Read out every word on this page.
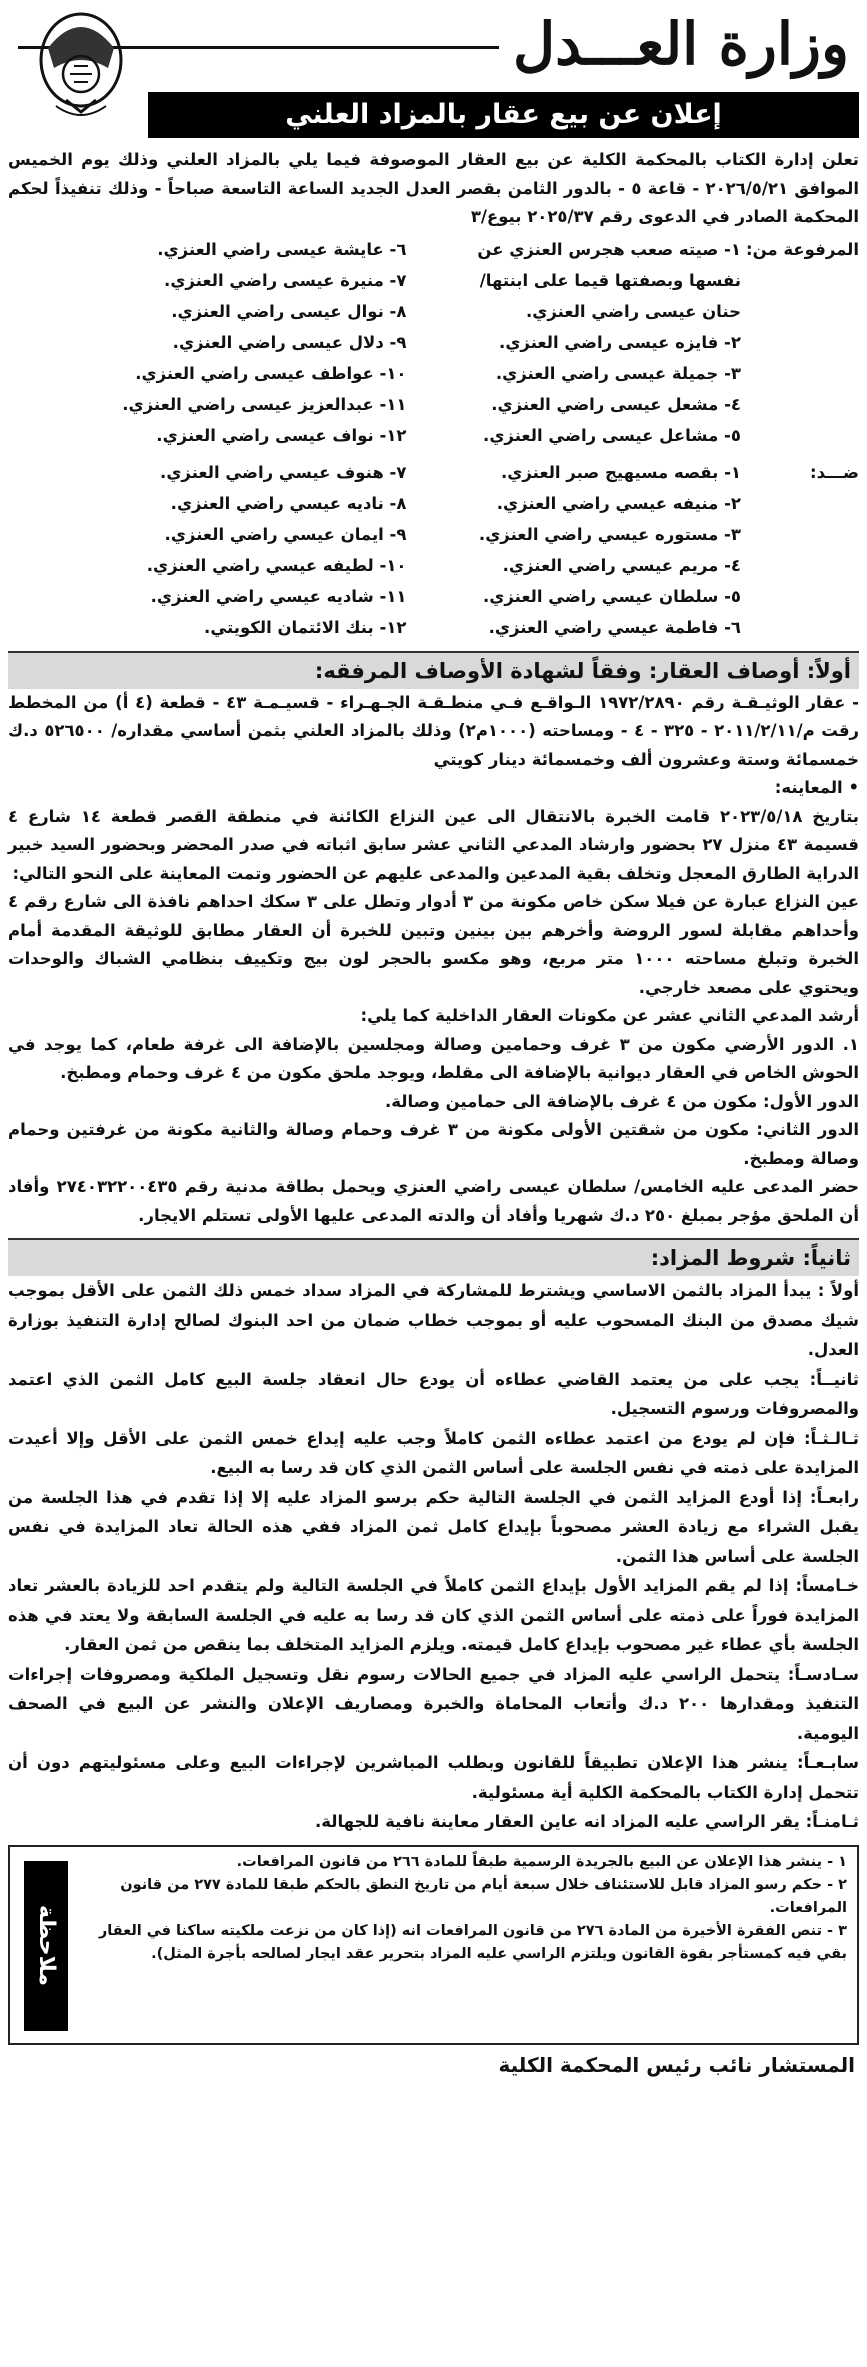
وزارة العـــدل
إعلان عن بيع عقار بالمزاد العلني

تعلن إدارة الكتاب بالمحكمة الكلية عن بيع العقار الموصوفة فيما يلي بالمزاد العلني وذلك يوم الخميس الموافق ٢٠٢٦/٥/٢١ - قاعة ٥ - بالدور الثامن بقصر العدل الجديد الساعة التاسعة صباحاً - وذلك تنفيذاً لحكم المحكمة الصادر في الدعوى رقم ٢٠٢٥/٣٧ بيوع/٣

المرفوعة من:
١- صيته صعب هجرس العنزي عن
نفسها وبصفتها قيما على ابنتها/
حنان عيسى راضي العنزي.
٢- فايزه عيسى راضي العنزي.
٣- جميلة عيسى راضي العنزي.
٤- مشعل عيسى راضي العنزي.
٥- مشاعل عيسى راضي العنزي.
٦- عايشة عيسى راضي العنزي.
٧- منيرة عيسى راضي العنزي.
٨- نوال عيسى راضي العنزي.
٩- دلال عيسى راضي العنزي.
١٠- عواطف عيسى راضي العنزي.
١١- عبدالعزيز عيسى راضي العنزي.
١٢- نواف عيسى راضي العنزي.
ضـــد:
١- بقصه مسيهيج صبر العنزي.
٢- منيفه عيسي راضي العنزي.
٣- مستوره عيسي راضي العنزي.
٤- مريم عيسي راضي العنزي.
٥- سلطان عيسي راضي العنزي.
٦- فاطمة عيسي راضي العنزي.
٧- هنوف عيسي راضي العنزي.
٨- ناديه عيسي راضي العنزي.
٩- ايمان عيسي راضي العنزي.
١٠- لطيفه عيسي راضي العنزي.
١١- شاديه عيسي راضي العنزي.
١٢- بنك الائتمان الكويتي.
أولاً: أوصاف العقار: وفقاً لشهادة الأوصاف المرفقه:

- عقار الوثيـقـة رقم ١٩٧٢/٢٨٩٠ الـواقـع فـي منطـقـة الجـهـراء - قسيـمـة ٤٣ - قطعة (٤ أ) من المخطط رقت م/٢٠١١/٢/١١ - ٣٢٥ - ٤ - ومساحته (١٠٠٠م٢) وذلك بالمزاد العلني بثمن أساسي مقداره/ ٥٢٦٥٠٠ د.ك خمسمائة وستة وعشرون ألف وخمسمائة دينار كويتي

• المعاينه:

بتاريخ ٢٠٢٣/٥/١٨ قامت الخبرة بالانتقال الى عين النزاع الكائنة في منطقة القصر قطعة ١٤ شارع ٤ قسيمة ٤٣ منزل ٢٧ بحضور وارشاد المدعي الثاني عشر سابق اثباته في صدر المحضر وبحضور السيد خبير الدراية الطارق المعجل وتخلف بقية المدعين والمدعى عليهم عن الحضور وتمت المعاينة على النحو التالي:

عين النزاع عبارة عن فيلا سكن خاص مكونة من ٣ أدوار وتطل على ٣ سكك احداهم نافذة الى شارع رقم ٤ وأحداهم مقابلة لسور الروضة وأخرهم بين بينين وتبين للخبرة أن العقار مطابق للوثيقة المقدمة أمام الخبرة وتبلغ مساحته ١٠٠٠ متر مربع، وهو مكسو بالحجر لون بيج وتكييف بنظامي الشباك والوحدات ويحتوي على مصعد خارجي.

أرشد المدعي الثاني عشر عن مكونات العقار الداخلية كما يلي:

١. الدور الأرضي مكون من ٣ غرف وحمامين وصالة ومجلسين بالإضافة الى غرفة طعام، كما يوجد في الحوش الخاص في العقار ديوانية بالإضافة الى مقلط، ويوجد ملحق مكون من ٤ غرف وحمام ومطبخ.

الدور الأول: مكون من ٤ غرف بالإضافة الى حمامين وصالة.

الدور الثاني: مكون من شقتين الأولى مكونة من ٣ غرف وحمام وصالة والثانية مكونة من غرفتين وحمام وصالة ومطبخ.

حضر المدعى عليه الخامس/ سلطان عيسى راضي العنزي ويحمل بطاقة مدنية رقم ٢٧٤٠٣٢٢٠٠٤٣٥ وأفاد أن الملحق مؤجر بمبلغ ٢٥٠ د.ك شهريا وأفاد أن والدته المدعى عليها الأولى تستلم الايجار.

ثانياً: شروط المزاد:
أولاً : يبدأ المزاد بالثمن الاساسي ويشترط للمشاركة في المزاد سداد خمس ذلك الثمن على الأقل بموجب شيك مصدق من البنك المسحوب عليه أو بموجب خطاب ضمان من احد البنوك لصالح إدارة التنفيذ بوزارة العدل.
ثانيــاً: يجب على من يعتمد القاضي عطاءه أن يودع حال انعقاد جلسة البيع كامل الثمن الذي اعتمد والمصروفات ورسوم التسجيل.
ثـالـثـاً: فإن لم يودع من اعتمد عطاءه الثمن كاملاً وجب عليه إيداع خمس الثمن على الأقل وإلا أعيدت المزايدة على ذمته في نفس الجلسة على أساس الثمن الذي كان قد رسا به البيع.
رابعـاً: إذا أودع المزايد الثمن في الجلسة التالية حكم برسو المزاد عليه إلا إذا تقدم في هذا الجلسة من يقبل الشراء مع زيادة العشر مصحوباً بإيداع كامل ثمن المزاد ففي هذه الحالة تعاد المزايدة في نفس الجلسة على أساس هذا الثمن.
خـامساً: إذا لم يقم المزايد الأول بإيداع الثمن كاملاً في الجلسة التالية ولم يتقدم احد للزيادة بالعشر تعاد المزايدة فوراً على ذمته على أساس الثمن الذي كان قد رسا به عليه في الجلسة السابقة ولا يعتد في هذه الجلسة بأي عطاء غير مصحوب بإيداع كامل قيمته. ويلزم المزايد المتخلف بما ينقص من ثمن العقار.
سـادسـاً: يتحمل الراسي عليه المزاد في جميع الحالات رسوم نقل وتسجيل الملكية ومصروفات إجراءات التنفيذ ومقدارها ٢٠٠ د.ك وأتعاب المحاماة والخبرة ومصاريف الإعلان والنشر عن البيع في الصحف اليومية.
سابـعـاً: ينشر هذا الإعلان تطبيقاً للقانون وبطلب المباشرين لإجراءات البيع وعلى مسئوليتهم دون أن تتحمل إدارة الكتاب بالمحكمة الكلية أية مسئولية.
ثـامنـاً: يقر الراسي عليه المزاد انه عاين العقار معاينة نافية للجهالة.
ملاحظة

١ - ينشر هذا الإعلان عن البيع بالجريدة الرسمية طبقاً للمادة ٢٦٦ من قانون المرافعات.

٢ - حكم رسو المزاد قابل للاستئناف خلال سبعة أيام من تاريخ النطق بالحكم طبقا للمادة ٢٧٧ من قانون المرافعات.

٣ - تنص الفقرة الأخيرة من المادة ٢٧٦ من قانون المرافعات انه (إذا كان من نزعت ملكيته ساكنا في العقار بقي فيه كمستأجر بقوة القانون ويلتزم الراسي عليه المزاد بتحرير عقد ايجار لصالحه بأجرة المثل).

المستشار نائب رئيس المحكمة الكلية
